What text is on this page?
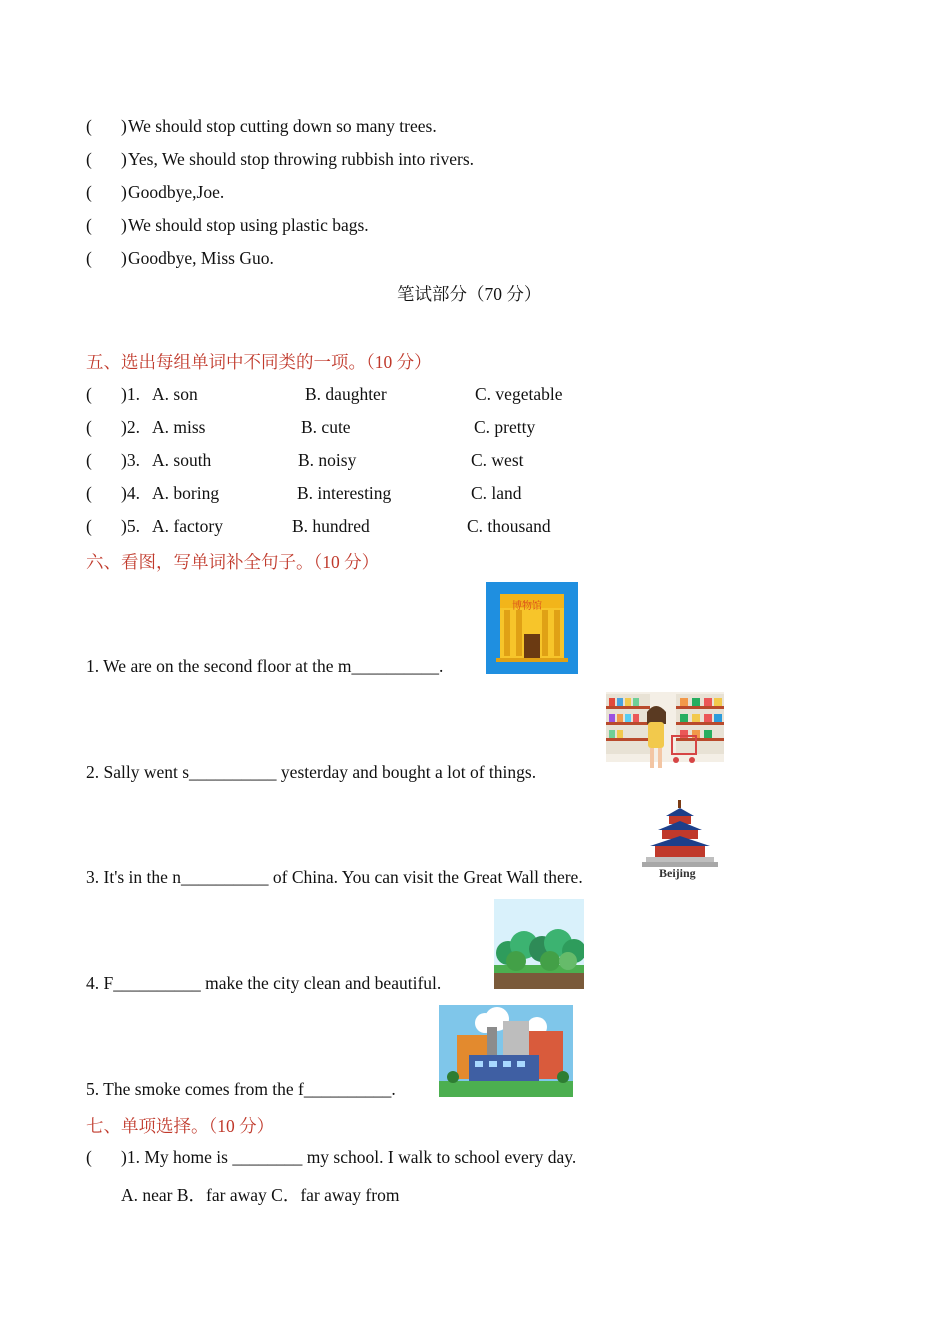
( ) We should stop cutting down so many trees.
( ) Yes, We should stop throwing rubbish into rivers.
( ) Goodbye,Joe.
( ) We should stop using plastic bags.
( ) Goodbye, Miss Guo.
笔试部分（70 分）
五、选出每组单词中不同类的一项。（10 分）
( )1. A. son	B. daughter	C. vegetable
( )2. A. miss	B. cute	C. pretty
( )3. A. south	B. noisy	C. west
( )4. A. boring	B. interesting	C. land
( )5. A. factory	B. hundred	C. thousand
六、看图，写单词补全句子。（10 分）
1. We are on the second floor at the m__________.
博物馆
2. Sally went s__________ yesterday and bought a lot of things.
3. It's in the n__________ of China. You can visit the Great Wall there.	Beijing
4. F__________ make the city clean and beautiful.
5. The smoke comes from the f__________.
七、单项选择。（10 分）
( )1. My home is ________ my school. I walk to school every day.
A. near B．far away C．far away from
